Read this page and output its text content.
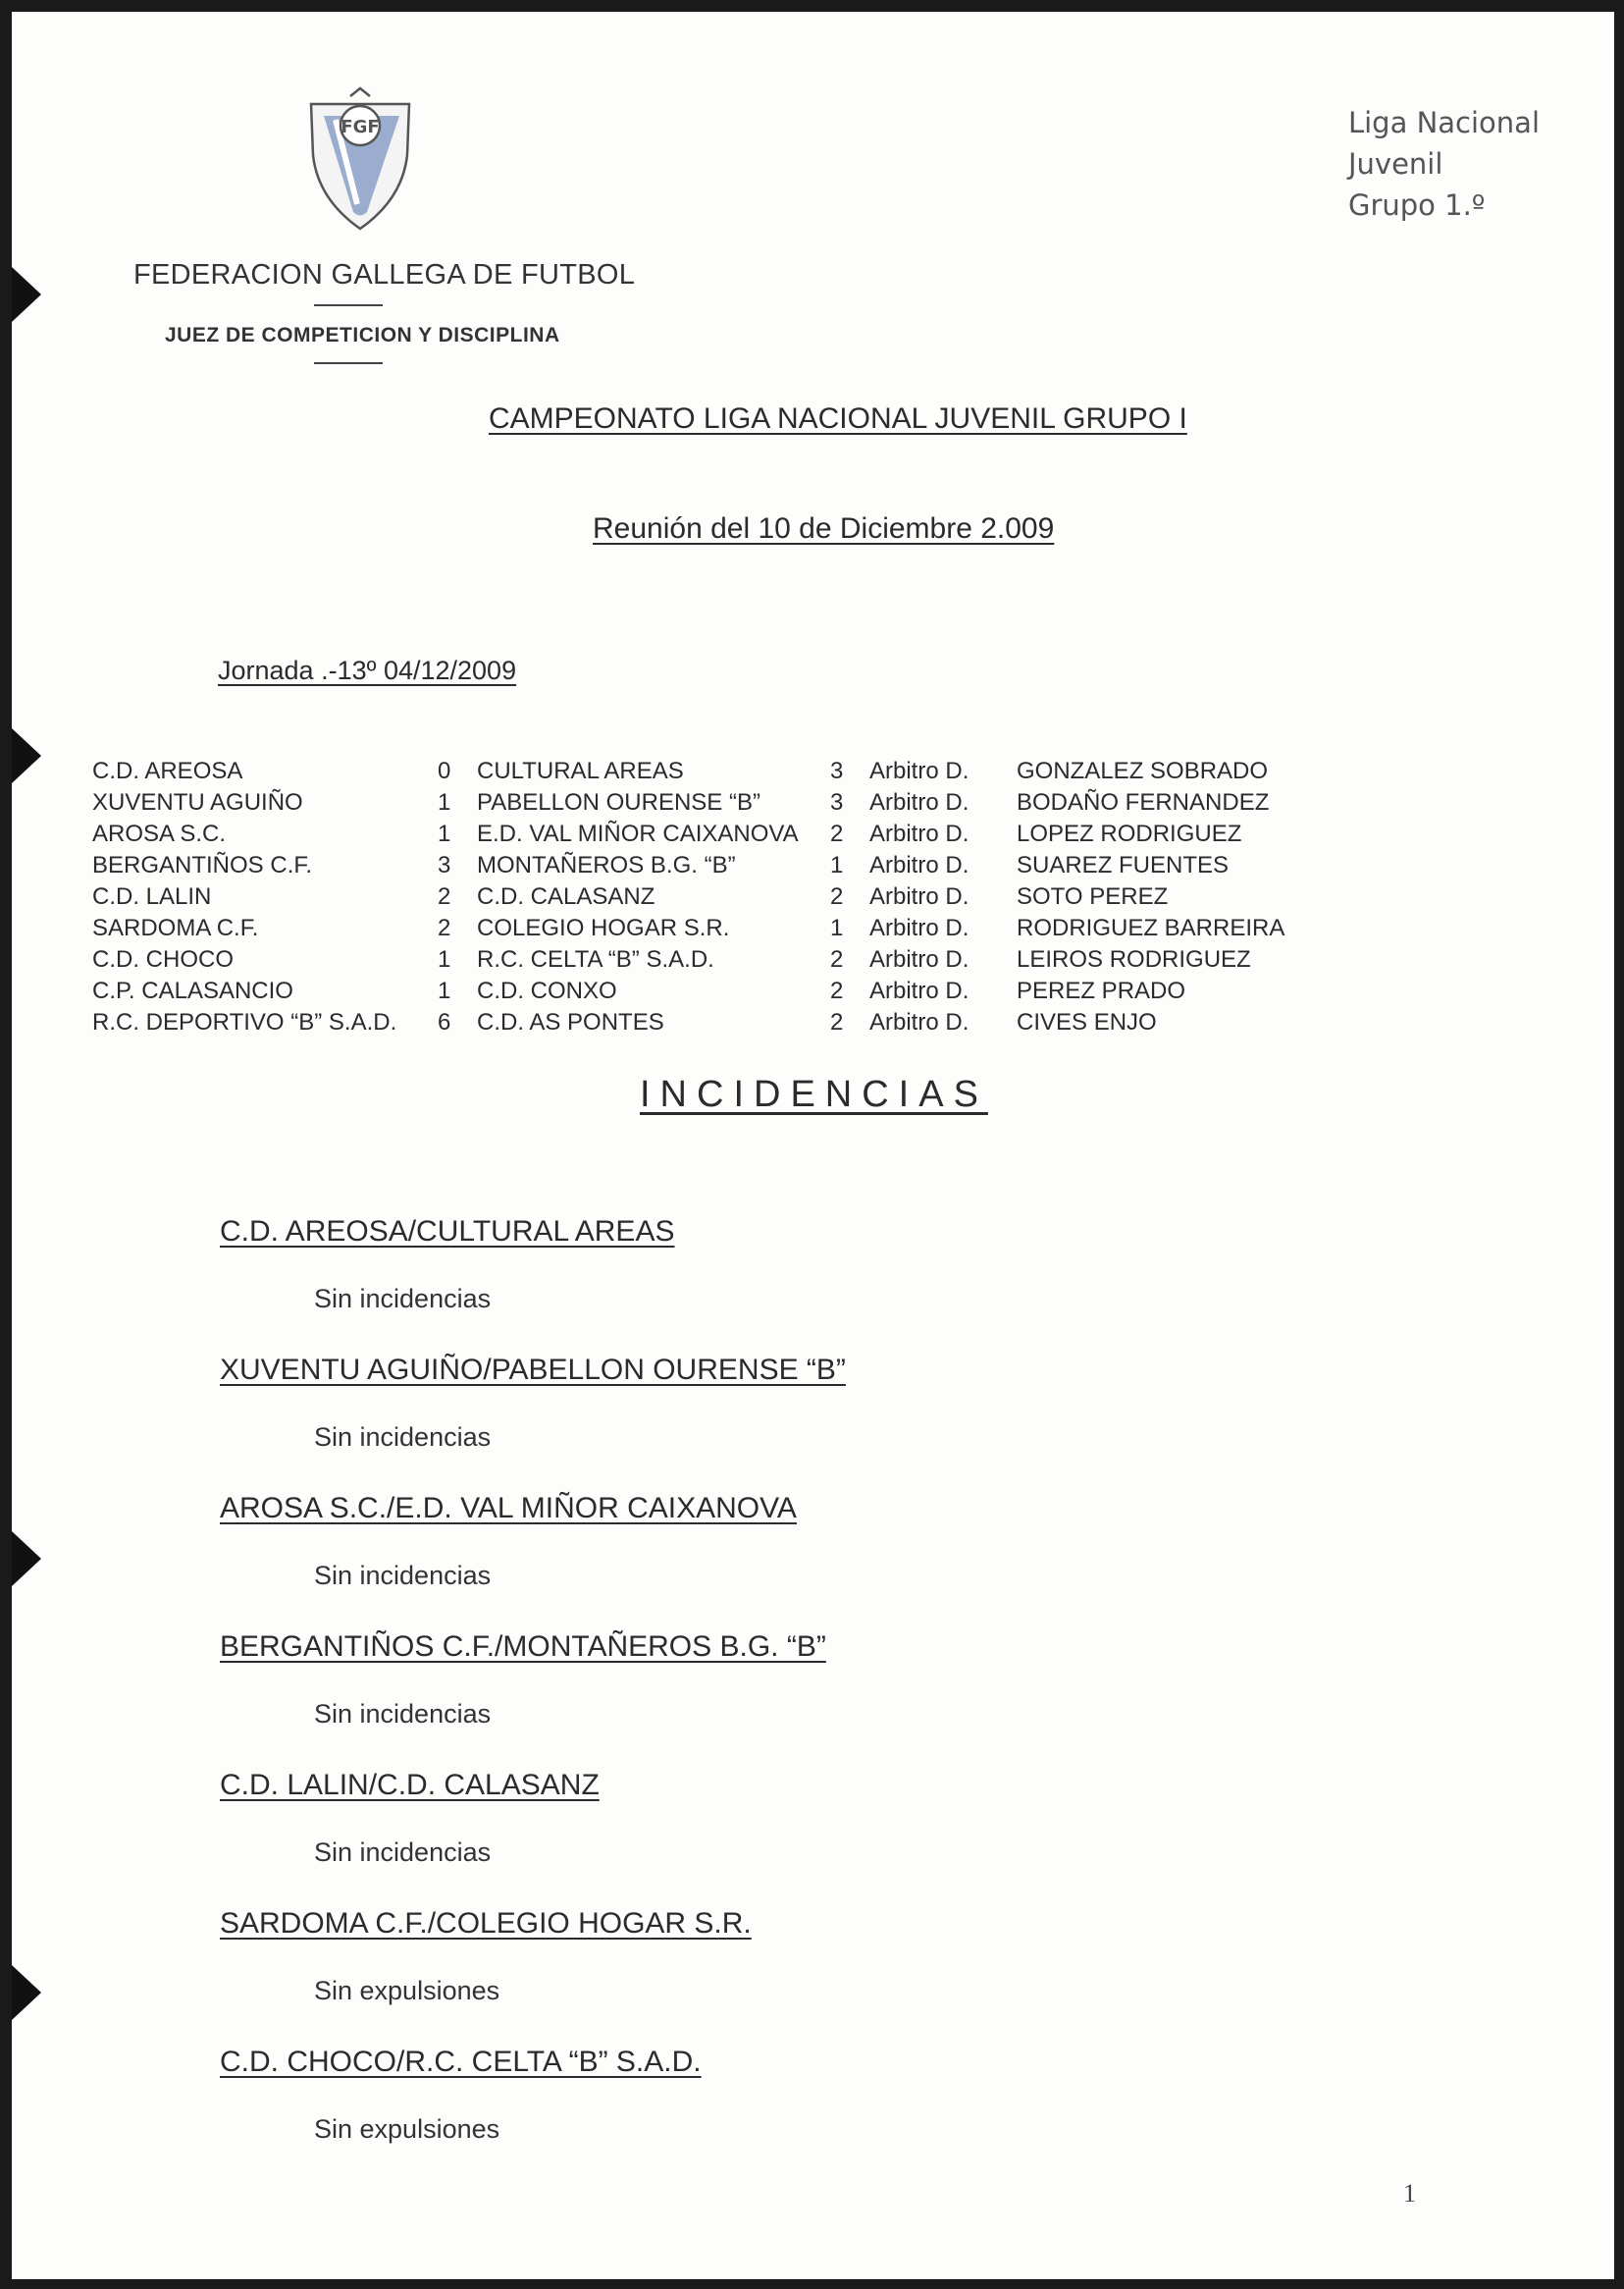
FGF
FEDERACION GALLEGA DE FUTBOL
JUEZ DE COMPETICION Y DISCIPLINA
Liga Nacional
Juvenil
Grupo 1.º
CAMPEONATO LIGA NACIONAL JUVENIL GRUPO I
Reunión del 10 de Diciembre 2.009
Jornada .-13º 04/12/2009
C.D. AREOSA	0	CULTURAL AREAS	3	Arbitro D.	GONZALEZ SOBRADO
XUVENTU AGUIÑO	1	PABELLON OURENSE “B”	3	Arbitro D.	BODAÑO FERNANDEZ
AROSA S.C.	1	E.D. VAL MIÑOR CAIXANOVA	2	Arbitro D.	LOPEZ RODRIGUEZ
BERGANTIÑOS C.F.	3	MONTAÑEROS B.G. “B”	1	Arbitro D.	SUAREZ FUENTES
C.D. LALIN	2	C.D. CALASANZ	2	Arbitro D.	SOTO PEREZ
SARDOMA C.F.	2	COLEGIO HOGAR S.R.	1	Arbitro D.	RODRIGUEZ BARREIRA
C.D. CHOCO	1	R.C. CELTA “B” S.A.D.	2	Arbitro D.	LEIROS RODRIGUEZ
C.P. CALASANCIO	1	C.D. CONXO	2	Arbitro D.	PEREZ PRADO
R.C. DEPORTIVO “B” S.A.D.	6	C.D. AS PONTES	2	Arbitro D.	CIVES ENJO
INCIDENCIAS
C.D. AREOSA/CULTURAL AREAS
Sin incidencias
XUVENTU AGUIÑO/PABELLON OURENSE “B”
Sin incidencias
AROSA S.C./E.D. VAL MIÑOR CAIXANOVA
Sin incidencias
BERGANTIÑOS C.F./MONTAÑEROS B.G. “B”
Sin incidencias
C.D. LALIN/C.D. CALASANZ
Sin incidencias
SARDOMA C.F./COLEGIO HOGAR S.R.
Sin expulsiones
C.D. CHOCO/R.C. CELTA “B” S.A.D.
Sin expulsiones
1
